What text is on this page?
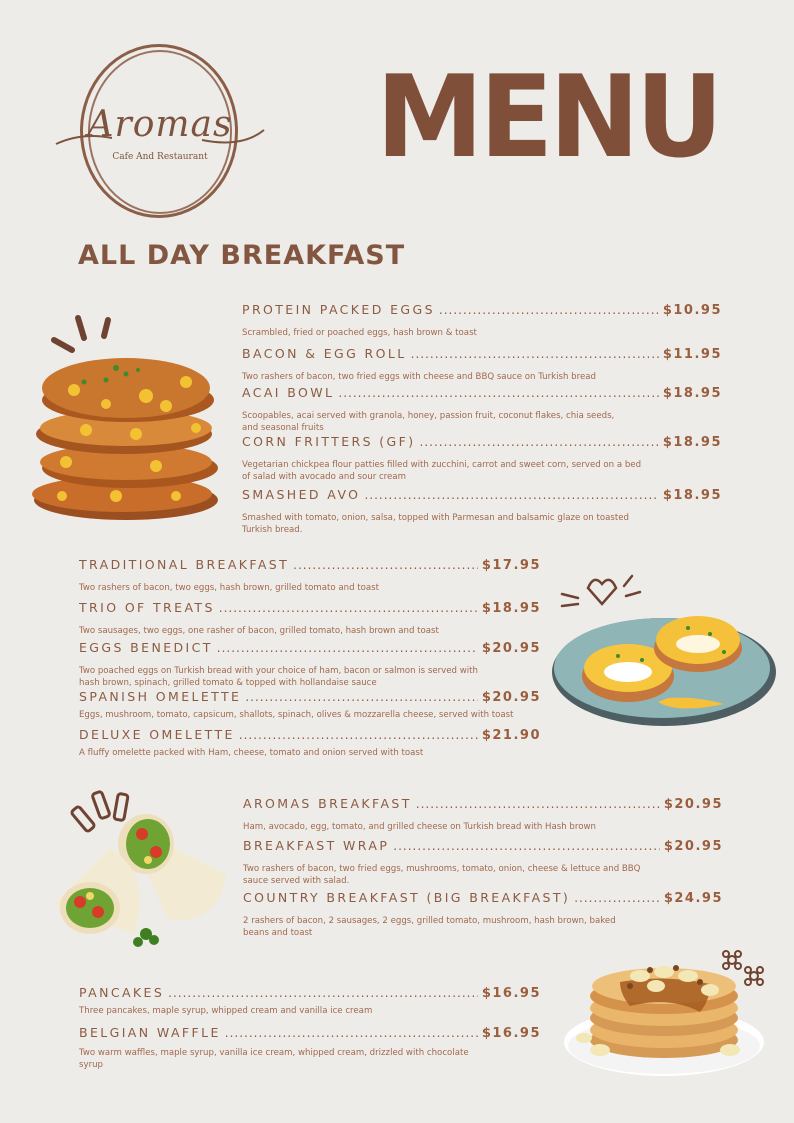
Aromas
Cafe And Restaurant MENU
ALL DAY BREAKFAST
PROTEIN PACKED EGGS .....	$10.95
Scrambled, fried or poached eggs, hash brown & toast
BACON & EGG ROLL .....	$11.95
Two rashers of bacon, two fried eggs with cheese and BBQ sauce on Turkish bread
ACAI BOWL .....	$18.95
Scoopables, acai served with granola, honey, passion fruit, coconut flakes, chia seeds, and seasonal fruits
CORN FRITTERS (GF) .....	$18.95
Vegetarian chickpea flour patties filled with zucchini, carrot and sweet corn, served on a bed of salad with avocado and sour cream
SMASHED AVO .....	$18.95
Smashed with tomato, onion, salsa, topped with Parmesan and balsamic glaze on toasted Turkish bread.
TRADITIONAL BREAKFAST .....	$17.95
Two rashers of bacon, two eggs, hash brown, grilled tomato and toast
TRIO OF TREATS .....	$18.95
Two sausages, two eggs, one rasher of bacon, grilled tomato, hash brown and toast
EGGS BENEDICT .....	$20.95
Two poached eggs on Turkish bread with your choice of ham, bacon or salmon is served with hash brown, spinach, grilled tomato & topped with hollandaise sauce
SPANISH OMELETTE .....	$20.95
Eggs, mushroom, tomato, capsicum, shallots, spinach, olives & mozzarella cheese, served with toast
DELUXE OMELETTE .....	$21.90
A fluffy omelette packed with Ham, cheese, tomato and onion served with toast
AROMAS BREAKFAST .....	$20.95
Ham, avocado, egg, tomato, and grilled cheese on Turkish bread with Hash brown
BREAKFAST WRAP .....	$20.95
Two rashers of bacon, two fried eggs, mushrooms, tomato, onion, cheese & lettuce and BBQ sauce served with salad.
COUNTRY BREAKFAST (BIG BREAKFAST) .....	$24.95
2 rashers of bacon, 2 sausages, 2 eggs, grilled tomato, mushroom, hash brown, baked beans and toast
PANCAKES .....	$16.95
Three pancakes, maple syrup, whipped cream and vanilla ice cream
BELGIAN WAFFLE .....	$16.95
Two warm waffles, maple syrup, vanilla ice cream, whipped cream, drizzled with chocolate syrup
